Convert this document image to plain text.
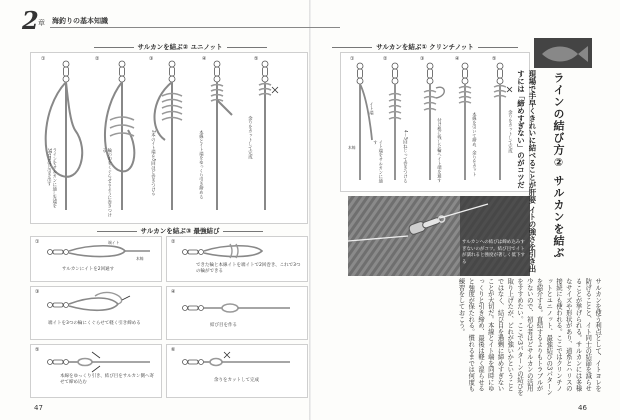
2 章 海釣りの基本知識
サルカンを結ぶ② ユニノット
①	②	③	④	⑤
ラインをサルカンに通し先端を30cmほど引き出す	輪の中をくぐらせるように巻きつける	2本のイト端を5回ほど巻きつける	本線とイト端をゆっくり引き締める	余りをカットして完成
サルカンを結ぶ③ 最強結び
①	②
③	④
⑤	⑥
端イト
本線
サルカンにイトを2回通す
できた輪と本線イトを端イトで2回巻き、これで3つの輪ができる
端イトを3つの輪にくぐらせて軽く引き締める	結び目を作る
本線をゆっくり引き、結び目をサルカン側へ寄せて締め込む	余りをカットして完成
47
サルカンを結ぶ① クリンチノット
①	②	③	④	⑤
本線
イト端
イト端をサルカンに通す	4～5回ねじって巻きつける	付け根に残した輪へイト端を通す	本線を引いて締め、余りをカット	余りをカットして完成
サルカンへの結びは締め込みすぎないのがコツ。結び目でイトが濡れると強度が著しく低下する
ラインの結び方② サルカンを結ぶ
現場で手早くきれいに結べることが肝要 イトの強さを引き出すには「締めすぎない」のがコツだ
サルカンを使う利点として、イトヨレを防げることと、イト同士の結節を減らせることが挙げられる。サルカンには多様なサイズや形状があり、道糸とハリスの接続にも使われる。ここではクリンチノットとユニノット、最強結びの3パターンを紹介する。直結するよりもトラブルが少ないので、初心者ほどサルカンの活用をすすめたい。ここで3パターンの結びを取り上げたが、どれが強いかということではなく、結び目を過剰に締めすぎないことが大切だ。本線とイト端を同時にゆっくりと引き締め、最後は軽く湿らせると強度が保たれる。慣れるまでは何度も練習をしておこう。
46
